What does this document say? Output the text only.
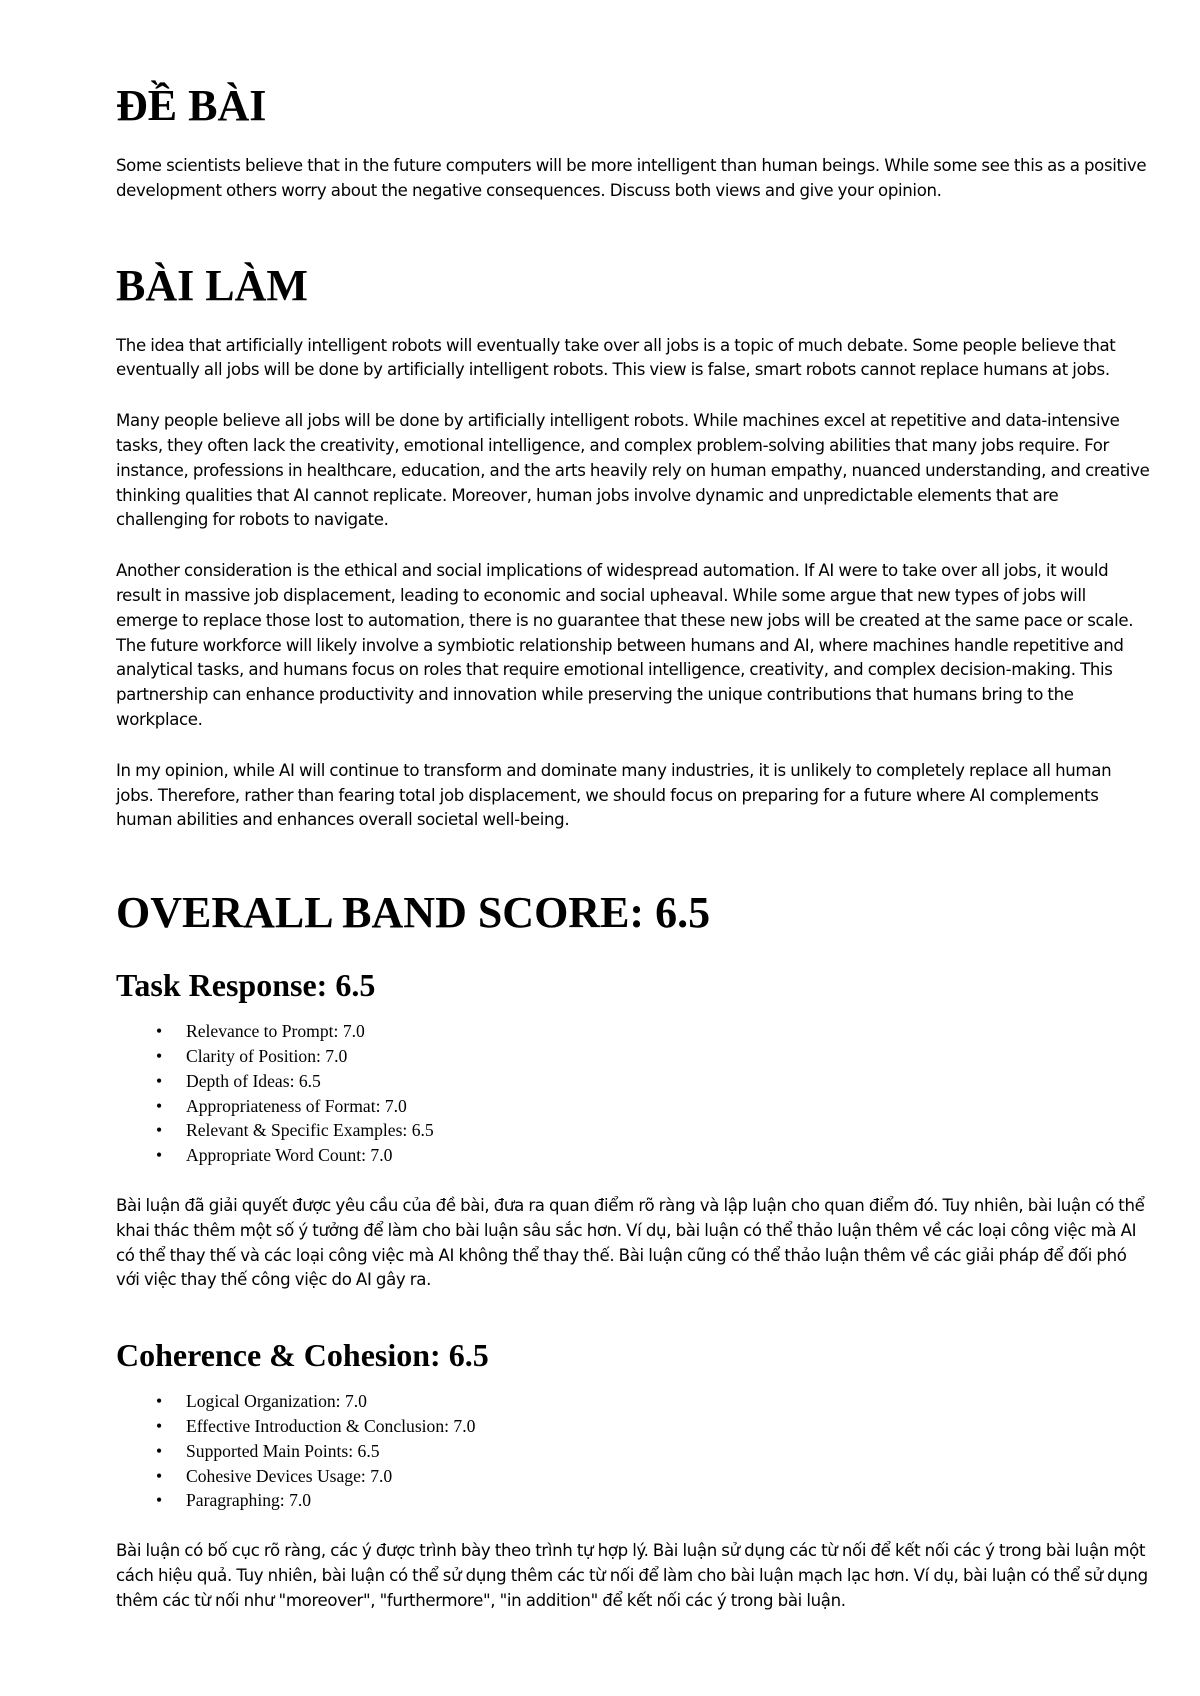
ĐỀ BÀI

Some scientists believe that in the future computers will be more intelligent than human beings. While some see this as a positive development others worry about the negative consequences. Discuss both views and give your opinion.

BÀI LÀM

The idea that artificially intelligent robots will eventually take over all jobs is a topic of much debate. Some people believe that eventually all jobs will be done by artificially intelligent robots. This view is false, smart robots cannot replace humans at jobs.

Many people believe all jobs will be done by artificially intelligent robots. While machines excel at repetitive and data-intensive tasks, they often lack the creativity, emotional intelligence, and complex problem-solving abilities that many jobs require. For instance, professions in healthcare, education, and the arts heavily rely on human empathy, nuanced understanding, and creative thinking qualities that AI cannot replicate. Moreover, human jobs involve dynamic and unpredictable elements that are challenging for robots to navigate.

Another consideration is the ethical and social implications of widespread automation. If AI were to take over all jobs, it would result in massive job displacement, leading to economic and social upheaval. While some argue that new types of jobs will emerge to replace those lost to automation, there is no guarantee that these new jobs will be created at the same pace or scale. The future workforce will likely involve a symbiotic relationship between humans and AI, where machines handle repetitive and analytical tasks, and humans focus on roles that require emotional intelligence, creativity, and complex decision-making. This partnership can enhance productivity and innovation while preserving the unique contributions that humans bring to the workplace.

In my opinion, while AI will continue to transform and dominate many industries, it is unlikely to completely replace all human jobs. Therefore, rather than fearing total job displacement, we should focus on preparing for a future where AI complements human abilities and enhances overall societal well-being.

OVERALL BAND SCORE: 6.5
Task Response: 6.5
• Relevance to Prompt: 7.0
• Clarity of Position: 7.0
• Depth of Ideas: 6.5
• Appropriateness of Format: 7.0
• Relevant & Specific Examples: 6.5
• Appropriate Word Count: 7.0

Bài luận đã giải quyết được yêu cầu của đề bài, đưa ra quan điểm rõ ràng và lập luận cho quan điểm đó. Tuy nhiên, bài luận có thể khai thác thêm một số ý tưởng để làm cho bài luận sâu sắc hơn. Ví dụ, bài luận có thể thảo luận thêm về các loại công việc mà AI có thể thay thế và các loại công việc mà AI không thể thay thế. Bài luận cũng có thể thảo luận thêm về các giải pháp để đối phó với việc thay thế công việc do AI gây ra.

Coherence & Cohesion: 6.5
• Logical Organization: 7.0
• Effective Introduction & Conclusion: 7.0
• Supported Main Points: 6.5
• Cohesive Devices Usage: 7.0
• Paragraphing: 7.0

Bài luận có bố cục rõ ràng, các ý được trình bày theo trình tự hợp lý. Bài luận sử dụng các từ nối để kết nối các ý trong bài luận một cách hiệu quả. Tuy nhiên, bài luận có thể sử dụng thêm các từ nối để làm cho bài luận mạch lạc hơn. Ví dụ, bài luận có thể sử dụng thêm các từ nối như "moreover", "furthermore", "in addition" để kết nối các ý trong bài luận.
